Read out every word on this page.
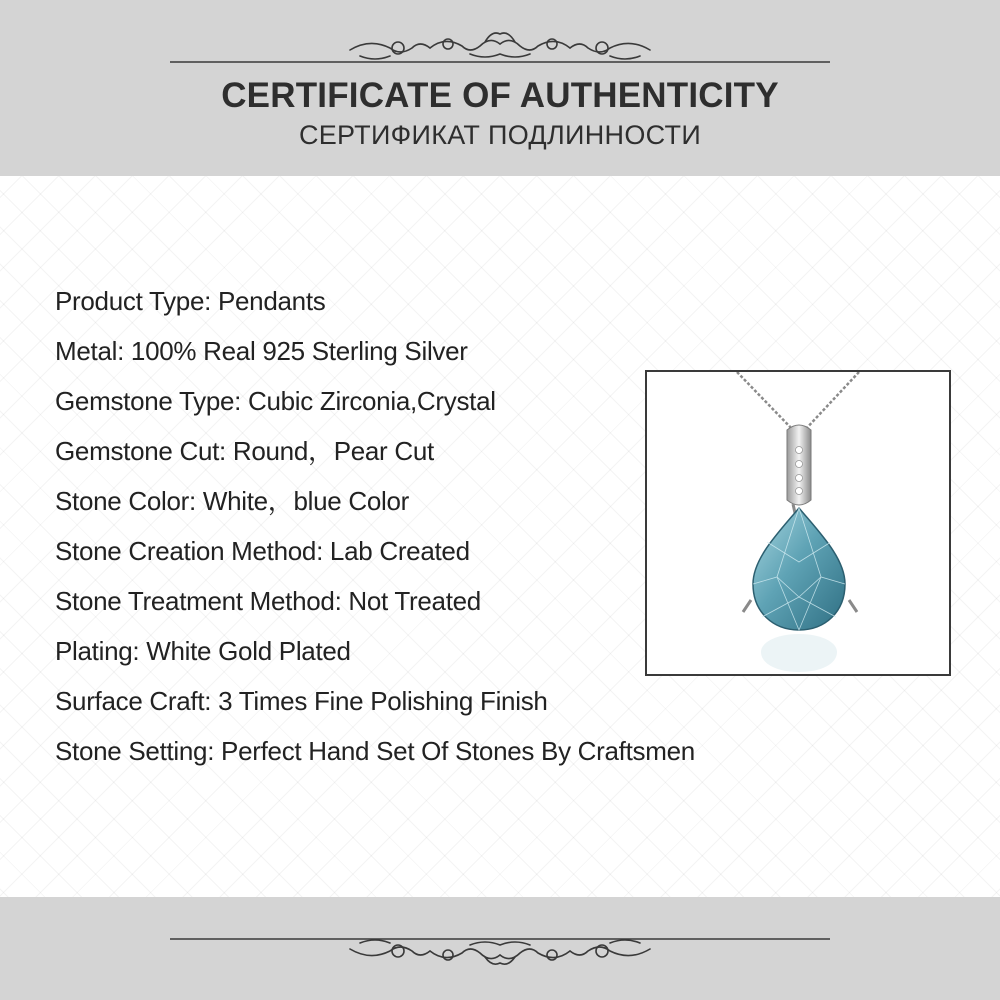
CERTIFICATE OF AUTHENTICITY
СЕРТИФИКАТ ПОДЛИННОСТИ
Product Type: Pendants
Metal: 100% Real 925 Sterling Silver
Gemstone Type: Cubic Zirconia,Crystal
Gemstone Cut: Round，Pear Cut
Stone Color: White，blue Color
Stone Creation Method: Lab Created
Stone Treatment Method: Not Treated
Plating: White Gold Plated
Surface Craft: 3 Times Fine Polishing Finish
Stone Setting: Perfect Hand Set Of Stones By Craftsmen
